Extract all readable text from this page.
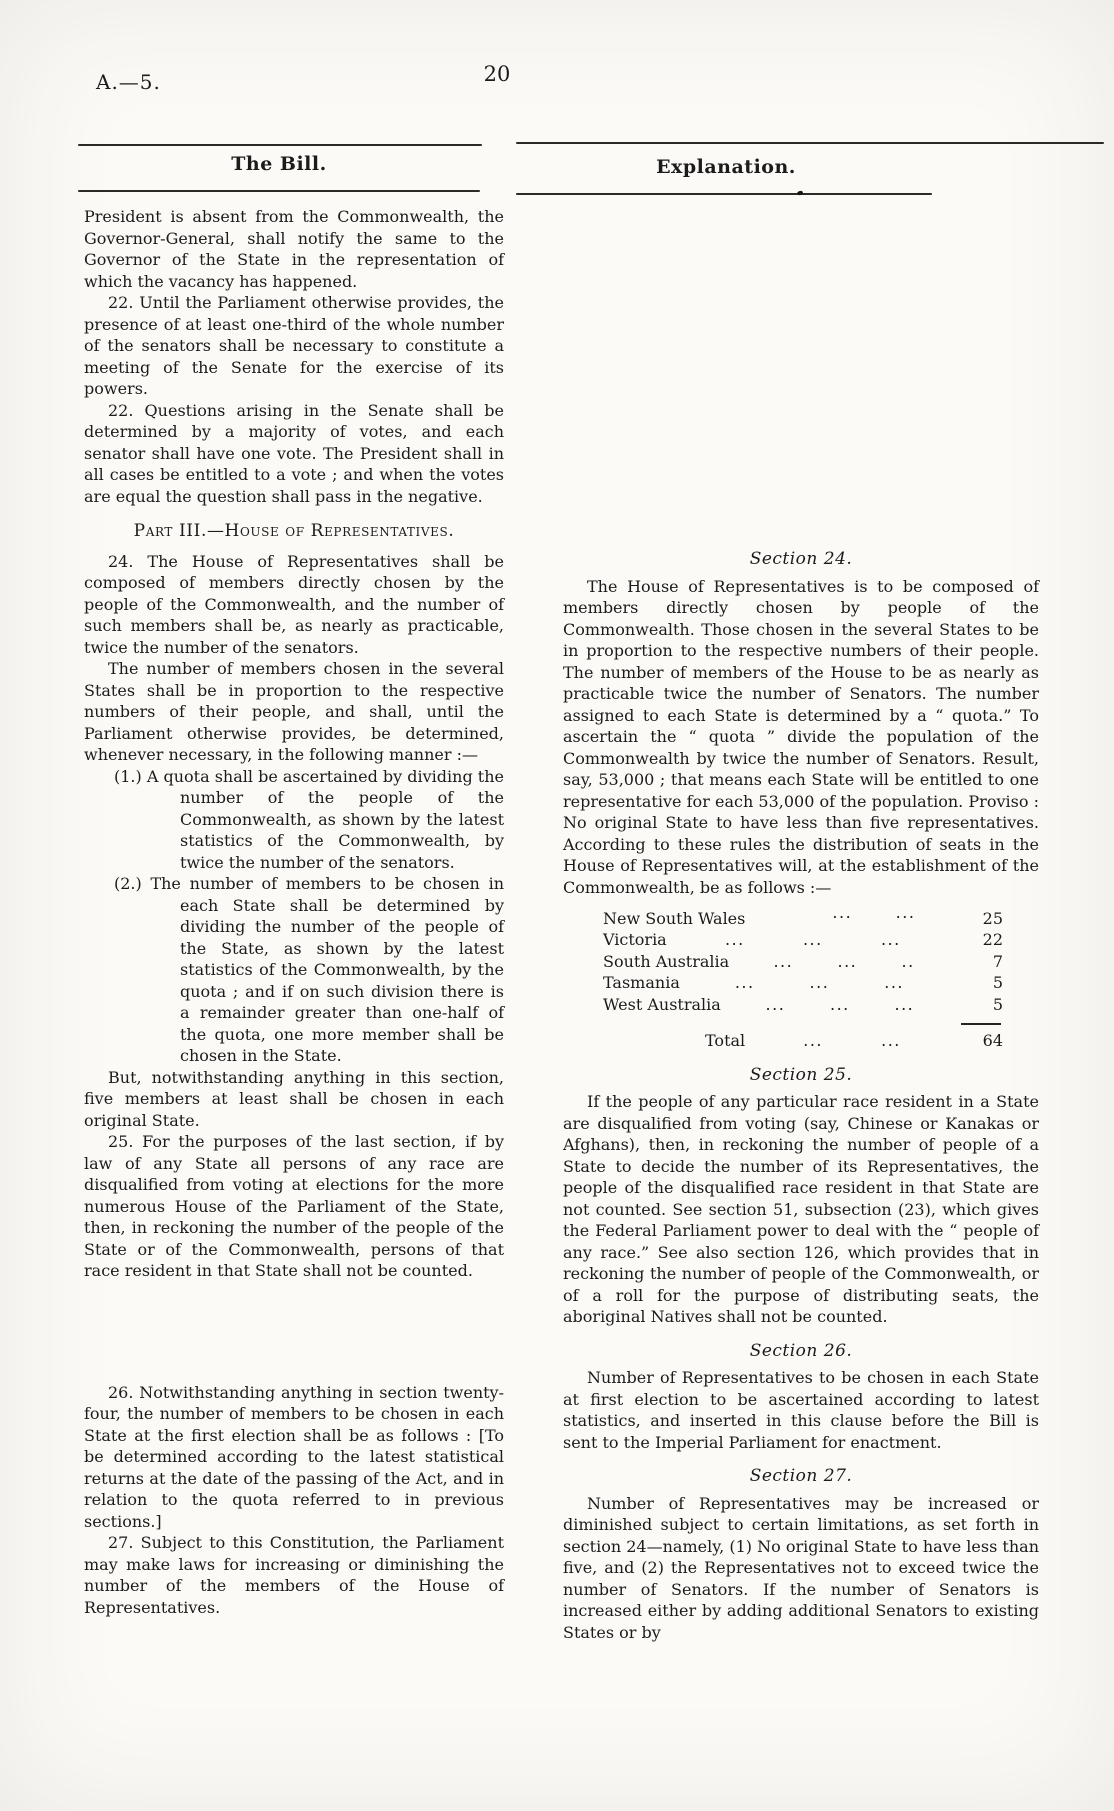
A.—5.	20
The Bill.	Explanation.

President is absent from the Commonwealth, the Governor-General, shall notify the same to the Governor of the State in the representation of which the vacancy has happened.

22. Until the Parliament otherwise provides, the presence of at least one-third of the whole number of the senators shall be necessary to constitute a meeting of the Senate for the exercise of its powers.

22. Questions arising in the Senate shall be determined by a majority of votes, and each senator shall have one vote. The President shall in all cases be entitled to a vote ; and when the votes are equal the question shall pass in the negative.

Part III.—House of Representatives.

24. The House of Representatives shall be composed of members directly chosen by the people of the Commonwealth, and the number of such members shall be, as nearly as practicable, twice the number of the senators.

The number of members chosen in the several States shall be in proportion to the respective numbers of their people, and shall, until the Parliament otherwise provides, be determined, whenever necessary, in the following manner :—

(1.) A quota shall be ascertained by dividing the number of the people of the Commonwealth, as shown by the latest statistics of the Commonwealth, by twice the number of the senators.

(2.) The number of members to be chosen in each State shall be determined by dividing the number of the people of the State, as shown by the latest statistics of the Commonwealth, by the quota ; and if on such division there is a remainder greater than one-half of the quota, one more member shall be chosen in the State.

But, notwithstanding anything in this section, five members at least shall be chosen in each original State.

25. For the purposes of the last section, if by law of any State all persons of any race are disqualified from voting at elections for the more numerous House of the Parliament of the State, then, in reckoning the number of the people of the State or of the Commonwealth, persons of that race resident in that State shall not be counted.

26. Notwithstanding anything in section twenty-four, the number of members to be chosen in each State at the first election shall be as follows : [To be determined according to the latest statistical returns at the date of the passing of the Act, and in relation to the quota referred to in previous sections.]

27. Subject to this Constitution, the Parliament may make laws for increasing or diminishing the number of the members of the House of Representatives.

Section 24.

The House of Representatives is to be composed of members directly chosen by people of the Commonwealth. Those chosen in the several States to be in proportion to the respective numbers of their people. The number of members of the House to be as nearly as practicable twice the number of Senators. The number assigned to each State is determined by a “ quota.” To ascertain the “ quota ” divide the population of the Commonwealth by twice the number of Senators. Result, say, 53,000 ; that means each State will be entitled to one representative for each 53,000 of the population. Proviso : No original State to have less than five representatives. According to these rules the distribution of seats in the House of Representatives will, at the establishment of the Commonwealth, be as follows :—

New South Wales	...	...	25
Victoria	...	...	...	22
South Australia	...	...	..	7
Tasmania	...	...	...	5
West Australia	...	...	...	5
Total	...	...	64
Section 25.

If the people of any particular race resident in a State are disqualified from voting (say, Chinese or Kanakas or Afghans), then, in reckoning the number of people of a State to decide the number of its Representatives, the people of the disqualified race resident in that State are not counted. See section 51, subsection (23), which gives the Federal Parliament power to deal with the “ people of any race.” See also section 126, which provides that in reckoning the number of people of the Commonwealth, or of a roll for the purpose of distributing seats, the aboriginal Natives shall not be counted.

Section 26.

Number of Representatives to be chosen in each State at first election to be ascertained according to latest statistics, and inserted in this clause before the Bill is sent to the Imperial Parliament for enactment.

Section 27.

Number of Representatives may be increased or diminished subject to certain limitations, as set forth in section 24—namely, (1) No original State to have less than five, and (2) the Representatives not to exceed twice the number of Senators. If the number of Senators is increased either by adding additional Senators to existing States or by
